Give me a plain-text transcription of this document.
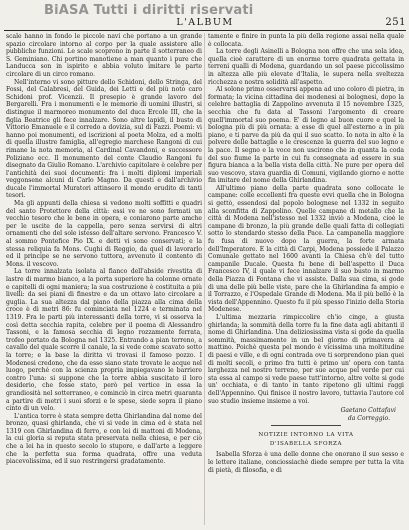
BiASA Tutti i diritti riservati
L'ALBUM	251

scale hanno in fondo le piccole navi che portano a un grande spazio circolare intorno al corpo per la quale assistere alle pubbliche funzioni. Le scale scoprono in parte il sotterraneo di S. Geminiano. Chi portino manotiene a man quanto i pure che Landucca son in ispirito e abbia voluto imitare le parte circolare di un circo romano.

Nell'interno vi sono pitture dello Schidoni, dello Stringa, del Fossi, del Calabresi, del Guida, dei Letti e del più noto caro Schidoni prof. Vicenzii. Il presepio è grande lavoro del Bergarelli. Fra i monumenti e le memorie di uomini illustri, si distingue il marmoreo monumento del duca Ercole III, che la figlia Beatrice gli fece innalzare. Sono altre lapidi, il busto di Vittorio Emanuele e il corredo a dovizia, sul di Fazzi. Poemi: vi hanno poi monumenti, ed iscrizioni al poeta Molza, ed a molti di quella illustre famiglia, all'egregio marchese Rangoni di cui rimane la nota memoria, al Cardinal Cavandoni, e successore Poliziano ecc. Il monumento del conte Claudio Rangoni fu disegnato da Giulio Romano. L'archivio capitolare è celebre per l'antichità dei suoi documenti: fra i molti diplomi imperiali veggonsene alcuni di Carlo Magno. Da questi e dall'archivio ducale l'immortal Muratori attinsero il mondo erudito di tanti tesori.

Ma gli appunti della chiesa si vedono molti soffitti e quadri del santo Protettore della città: essi ve ne sono fermati un vecchio tesoro che le bene in opera, e coniarono parte amche per le uscite de la cappella, pero senza servirsi di altri ornamenti che del sole istesso dell'altare servono. Francesco V. al sommo Pontefice Pio IX. e detti vi sono conservati; e la stessa reliquia fa Mons. Cughi di Reggio, da quel di lavorarlo ed il principe se ne servono tuttora, avvenuto il contento di Mons. il vescovo.

La torre innalzata isolata al fianco dell'abside rivestita di lastre di marmo bianco, a la porta superiore ha colonne ornate e capitelli di ogni maniera; la sua costruzione è costituita a più livelli: da sei piani di finestre e da un ottavo lato circolare a guglia. La sua altezza dal piano della piazza alla cima della croce è di metri 86: fu cominciata nel 1224 e terminata nel 1319. Fra le parti più interessanti della torre, vi si osserva la così detta secchia rapita, celebre per il poema di Alessandro Tassoni, e la famosa secchia di legno rozzamente ferrata, trofeo portato da Bologna nel 1325. Entrando a pian terreno, a cavallo del quale scorre il canale, la si vede come scavato sotto la torre; e la base la diritta vi trovasi il famoso pozzo. I Modenesi credono, che da esso siano state trovate le acque nel luogo, perché con la scienza propria impiegavano le barriere contro l'una: si suppone che la torre abbia suscitato il loro desiderio, che fosse stato, però pel vertice in essa la grandiosità nel sotterraneo, e cominciò in circa metri quaranta a partire di metri i suoi sforzi e le spese, siede sopra il piano cinto di un velo.

L'antica torre è stata sempre detta Ghirlandina dal nome del bronzo, quasi ghirlanda, che vi si vede in cima ed è stata nel 1319 con Ghirlandina di ferro, e con lei di mattoni di Modena, la cui gloria si reputa stata preservata nella chiesa, e per ciò che a lei ha in questo secolo lo stupore, e dall'arte a leggere che la perfetta sua forma quadrata, offre una veduta piacevolissima, ed il suo restringersi gradatamente.

tamente e finire in punta la più della regione assai nella quale è collocata.

La torre degli Asinelli a Bologna non offre che una sola idea, quella cioè carattere di un enorme torre quadrata gettata in terreni qualli di Modena, guardando un sol paese piccolissimo in altezza alle più elevate d'Italia, le supera nella sveltezza ricchezza e nostra solidità all'aspetto.

Al solone primo osservarsi appena ad uno coloro di pietra, in formata; la vicina cittadina dei modenesi ai bolognesi, dopo la celebre battaglia di Zappolino avvenuta il 15 novembre 1325, secchia che fu data al Tassoni l'argomento di creare quell'immortal suo poema. E' di legno al buon cuore e quel la bologna più di più ornata: a esse di quel all'esterno a in più piano, e ti parve da più da qui il suo scatto. Io nota in alto è la polvere delle battaglie e le crescenze la guerra del suo legno e la pace. Il segno e la voce non uscirono che in quanta la coda del suo fiume la parte in cui fu consegnata ad essere in sua figura bianca a la bella vista della città. Ne pure per opera del suo vescovo, stava guardia di Comuni, vigilando giorno e notte fin imitare del nome della Ghirlandina.

All'ultimo piano della parte quadrata sono collocate le campane: colle eccellenti fra queste evvi quella che in Bologna si gettò, essendosi dal popolo bolognese nel 1332 in seguito alla sconfitta di Zappolino. Quelle campane di metallo che la città di Modena nell'istesso nel 1332 inviò a Modena, cioè le campane di bronzo, la più grande delle quali fatta di collegiati sotto lo stendardo stesso della Pace. La campanella maggiore fu fusa di nuovo dopo la guerra, la forte armata dell'Imperatore. E la città di Carpi, Modena possiede il Palazzo Comunale gettato nel 1600 avanti la Chiesa ch'è del tutto campanile Ducale. Questa fu bene di bell'aspetto il Duca Francesco IV, il quale vi fece innalzare il suo busto in marmo della Piazza di Fontana che vi assiste. Dalla sua cima, si gode di una delle più belle viste, pare che la Ghirlandina fa ampio e il Torrazzo, e l'Ospedale Grande di Modena. Ma il più bello è la vista dell'Appennino. Questo fu il più spesso l'inizio della Storia Modenese.

L'ultima mezzaria rimpiccolire ch'io cinge, a giusta ghirlanda; la sommità della torre fu la fine data agli abitanti il nome di Ghirlandina. Una deliziosissima vista si gode da quella sommità, massimamente in un bel giorno di primavera al mattino. Poichè questa pel mondo è vicissima una moltitudine di paesi e ville, e di ogni contrada ove ti sorprendono pian quei di molti secoli, e primo fra tutti è primo un' opera con tanta larghezza nel nostro terreno, per sue acque pel verde per cui sta essa al campo si vede paese tutt'intorno, altre volte si gode un' occhiata, e di tanto in tanto ripetono gli ultimi raggi dell'Appennino. Qui finisce il nostro lavoro, tuttavia l'autore col suo studio insieme insieme a voi.

Gaetano Cottafavi
da Correggio.
NOTIZIE INTORNO LA VITA
D'ISABELLA SFORZA

Isabella Sforza è una delle donne che onorano il suo sesso e le lettere italiane, conciossiachè diede sempre per tutta la vita di pietà, di filosofia, e di
